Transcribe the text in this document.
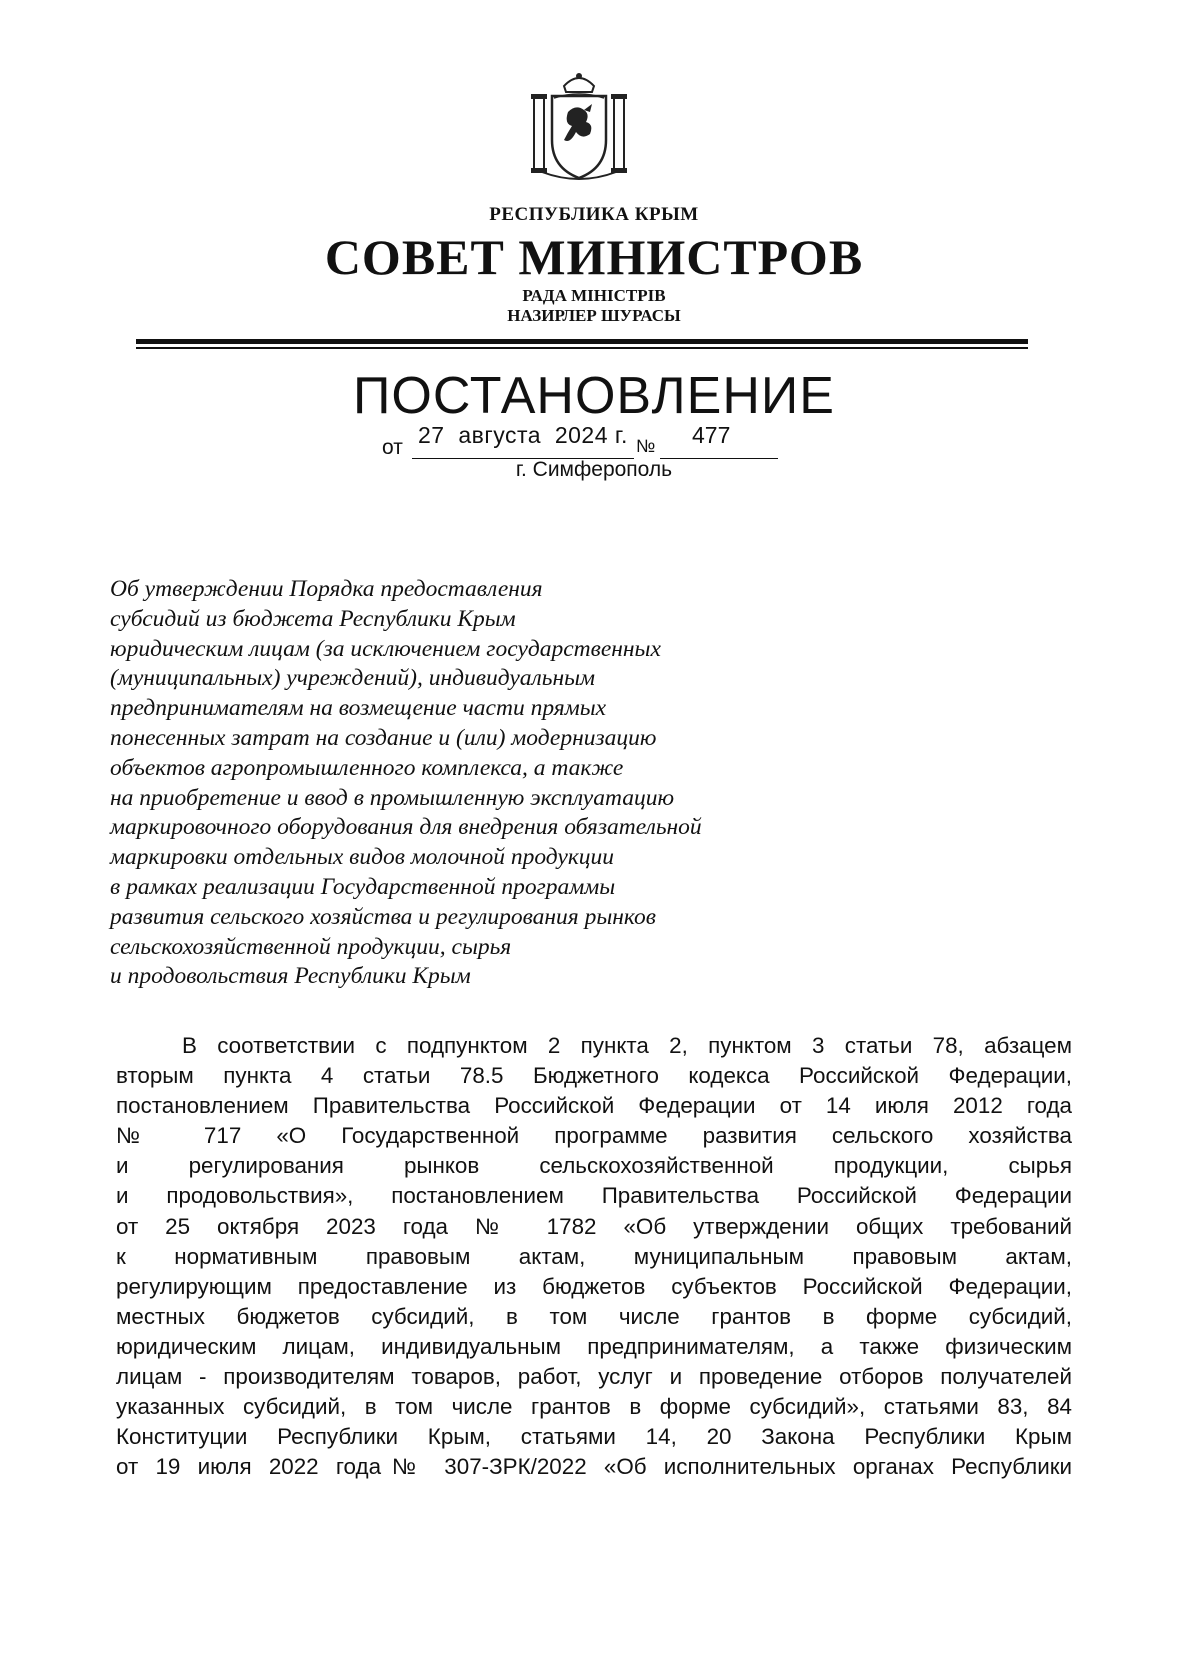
РЕСПУБЛИКА КРЫМ
СОВЕТ МИНИСТРОВ
РАДА МІНІСТРІВ
НАЗИРЛЕР ШУРАСЫ
ПОСТАНОВЛЕНИЕ
от 27  августа  2024 г. № 477
г. Симферополь
Об утверждении Порядка предоставления
субсидий из бюджета Республики Крым
юридическим лицам (за исключением государственных
(муниципальных) учреждений), индивидуальным
предпринимателям на возмещение части прямых
понесенных затрат на создание и (или) модернизацию
объектов агропромышленного комплекса, а также
на приобретение и ввод в промышленную эксплуатацию
маркировочного оборудования для внедрения обязательной
маркировки отдельных видов молочной продукции
в рамках реализации Государственной программы
развития сельского хозяйства и регулирования рынков
сельскохозяйственной продукции, сырья
и продовольствия Республики Крым
В соответствии с подпунктом 2 пункта 2, пунктом 3 статьи 78, абзацем
вторым пункта 4 статьи 78.5 Бюджетного кодекса Российской Федерации,
постановлением Правительства Российской Федерации от 14 июля 2012 года
№ 717 «О Государственной программе развития сельского хозяйства
и регулирования рынков сельскохозяйственной продукции, сырья
и продовольствия», постановлением Правительства Российской Федерации
от 25 октября 2023 года № 1782 «Об утверждении общих требований
к нормативным правовым актам, муниципальным правовым актам,
регулирующим предоставление из бюджетов субъектов Российской Федерации,
местных бюджетов субсидий, в том числе грантов в форме субсидий,
юридическим лицам, индивидуальным предпринимателям, а также физическим
лицам - производителям товаров, работ, услуг и проведение отборов получателей
указанных субсидий, в том числе грантов в форме субсидий», статьями 83, 84
Конституции Республики Крым, статьями 14, 20 Закона Республики Крым
от 19 июля 2022 года№ 307-ЗРК/2022 «Об исполнительных органах Республики
